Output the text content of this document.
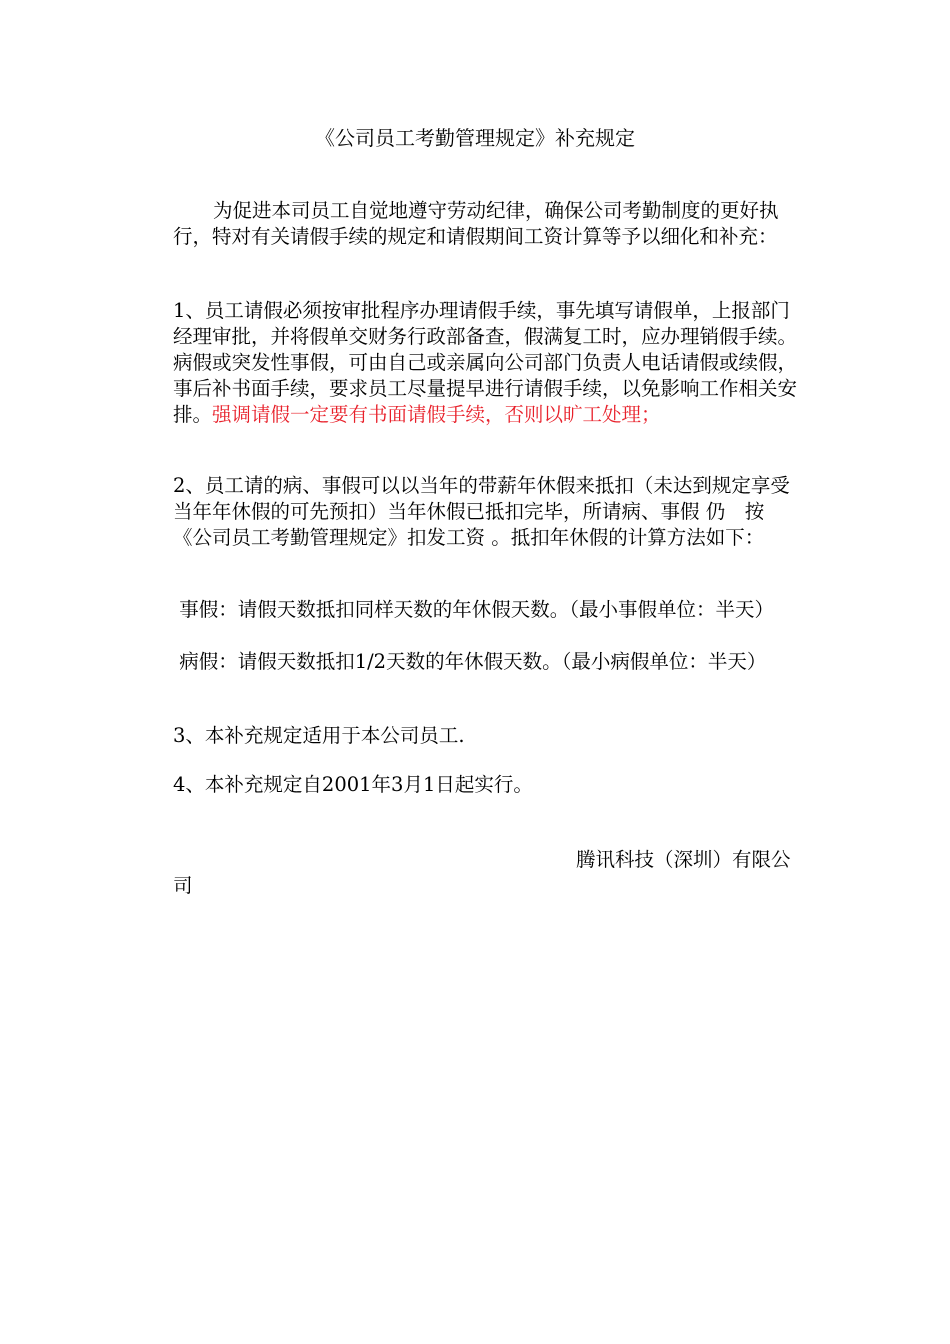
《公司员工考勤管理规定》补充规定

为促进本司员工自觉地遵守劳动纪律，确保公司考勤制度的更好执行，特对有关请假手续的规定和请假期间工资计算等予以细化和补充：

1、员工请假必须按审批程序办理请假手续，事先填写请假单，上报部门经理审批，并将假单交财务行政部备查，假满复工时，应办理销假手续。病假或突发性事假，可由自己或亲属向公司部门负责人电话请假或续假，事后补书面手续，要求员工尽量提早进行请假手续，以免影响工作相关安排。强调请假一定要有书面请假手续，否则以旷工处理；

2、员工请的病、事假可以以当年的带薪年休假来抵扣（未达到规定享受当年年休假的可先预扣）当年休假已抵扣完毕，所请病、事假 仍　按 《公司员工考勤管理规定》扣发工资 。抵扣年休假的计算方法如下：

事假：请假天数抵扣同样天数的年休假天数。（最小事假单位：半天）

病假：请假天数抵扣1/2天数的年休假天数。（最小病假单位：半天）

3、本补充规定适用于本公司员工.

4、本补充规定自2001年3月1日起实行。

腾讯科技（深圳）有限公司
